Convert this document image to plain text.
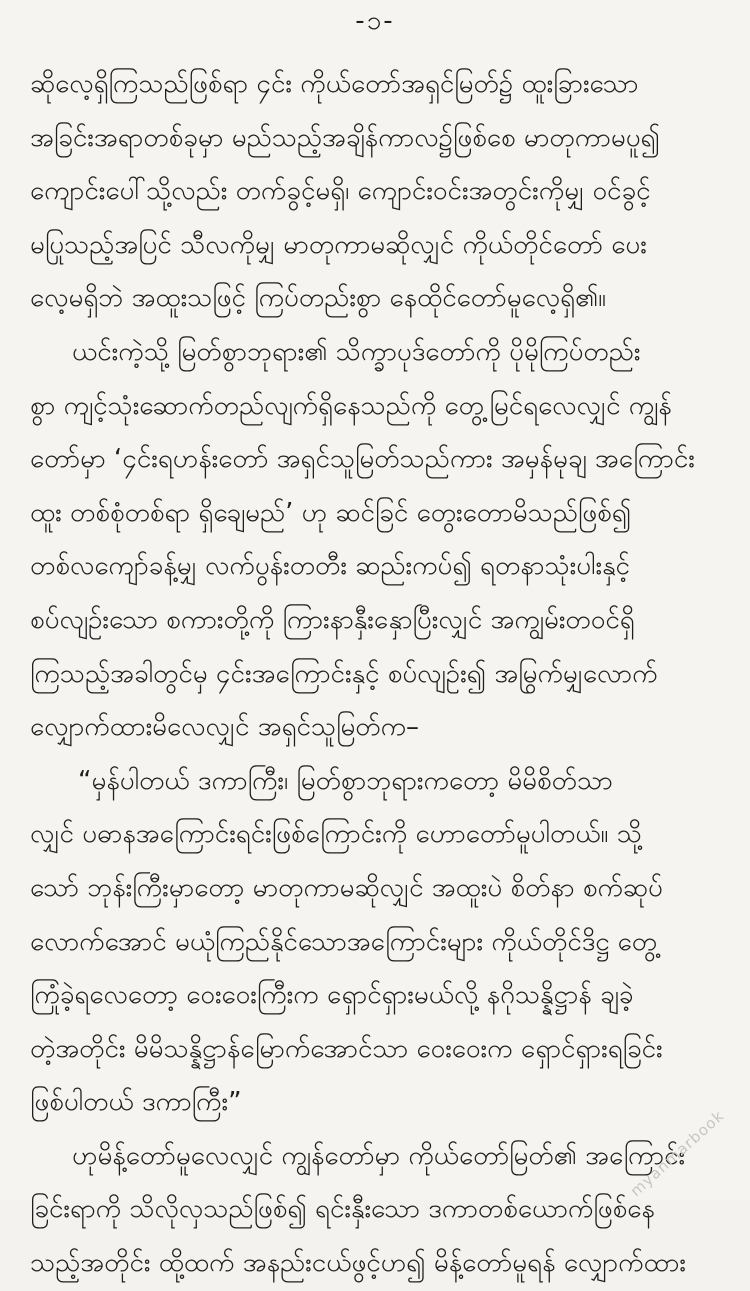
-၁-
ဆိုလေ့ရှိကြသည်ဖြစ်ရာ ၄င်း ကိုယ်တော်အရှင်မြတ်၌ ထူးခြားသော
အခြင်းအရာတစ်ခုမှာ မည်သည့်အချိန်ကာလ၌ဖြစ်စေ မာတုကာမပူ၍
ကျောင်းပေါ်သို့လည်း တက်ခွင့်မရှိ၊ ကျောင်းဝင်းအတွင်းကိုမျှ ဝင်ခွင့်
မပြုသည့်အပြင် သီလကိုမျှ မာတုကာမဆိုလျှင် ကိုယ်တိုင်တော် ပေး
လေ့မရှိဘဲ အထူးသဖြင့် ကြပ်တည်းစွာ နေထိုင်တော်မူလေ့ရှိ၏။
ယင်းကဲ့သို့ မြတ်စွာဘုရား၏ သိက္ခာပုဒ်တော်ကို ပိုမိုကြပ်တည်း
စွာ ကျင့်သုံးဆောက်တည်လျက်ရှိနေသည်ကို တွေ့မြင်ရလေလျှင် ကျွန်
တော်မှာ ‘၄င်းရဟန်းတော် အရှင်သူမြတ်သည်ကား အမှန်မုချ အကြောင်း
ထူး တစ်စုံတစ်ရာ ရှိချေမည်’ ဟု ဆင်ခြင် တွေးတောမိသည်ဖြစ်၍
တစ်လကျော်ခန့်မျှ လက်ပွန်းတတီး ဆည်းကပ်၍ ရတနာသုံးပါးနှင့်
စပ်လျဉ်းသော စကားတို့ကို ကြားနာနှီးနှောပြီးလျှင် အကျွမ်းတဝင်ရှိ
ကြသည့်အခါတွင်မှ ၄င်းအကြောင်းနှင့် စပ်လျဉ်း၍ အမြွက်မျှလောက်
လျှောက်ထားမိလေလျှင် အရှင်သူမြတ်က–
“မှန်ပါတယ် ဒကာကြီး၊ မြတ်စွာဘုရားကတော့ မိမိစိတ်သာ
လျှင် ပဓာနအကြောင်းရင်းဖြစ်ကြောင်းကို ဟောတော်မူပါတယ်။ သို့
သော် ဘုန်းကြီးမှာတော့ မာတုကာမဆိုလျှင် အထူးပဲ စိတ်နာ စက်ဆုပ်
လောက်အောင် မယုံကြည်နိုင်သောအကြောင်းများ ကိုယ်တိုင်ဒိဋ္ဌ တွေ့
ကြုံခဲ့ရလေတော့ ဝေးဝေးကြီးက ရှောင်ရှားမယ်လို့ နဂိုသန္နိဋ္ဌာန် ချခဲ့
တဲ့အတိုင်း မိမိသန္နိဋ္ဌာန်မြောက်အောင်သာ ဝေးဝေးက ရှောင်ရှားရခြင်း
ဖြစ်ပါတယ် ဒကာကြီး”
ဟုမိန့်တော်မူလေလျှင် ကျွန်တော်မှာ ကိုယ်တော်မြတ်၏ အကြောင်း
ခြင်းရာကို သိလိုလှသည်ဖြစ်၍ ရင်းနှီးသော ဒကာတစ်ယောက်ဖြစ်နေ
သည့်အတိုင်း ထို့ထက် အနည်းငယ်ဖွင့်ဟ၍ မိန့်တော်မူရန် လျှောက်ထား
myanmarbook
